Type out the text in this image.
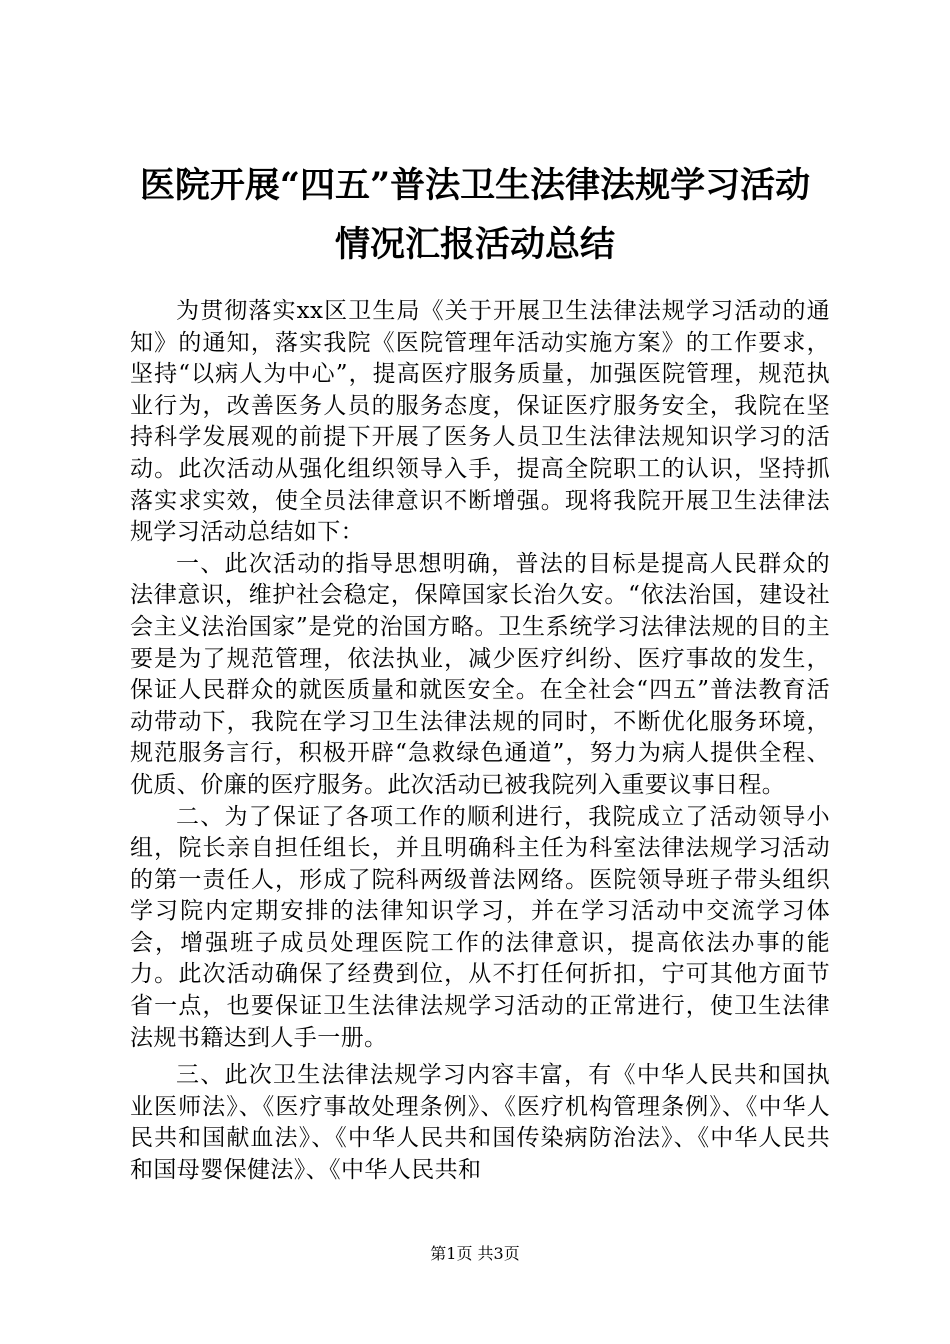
医院开展“四五”普法卫生法律法规学习活动
情况汇报活动总结

为贯彻落实xx区卫生局《关于开展卫生法律法规学习活动的通知》的通知，落实我院《医院管理年活动实施方案》的工作要求，坚持“以病人为中心”，提高医疗服务质量，加强医院管理，规范执业行为，改善医务人员的服务态度，保证医疗服务安全，我院在坚持科学发展观的前提下开展了医务人员卫生法律法规知识学习的活动。此次活动从强化组织领导入手，提高全院职工的认识，坚持抓落实求实效，使全员法律意识不断增强。现将我院开展卫生法律法规学习活动总结如下：

一、此次活动的指导思想明确，普法的目标是提高人民群众的法律意识，维护社会稳定，保障国家长治久安。“依法治国，建设社会主义法治国家”是党的治国方略。卫生系统学习法律法规的目的主要是为了规范管理，依法执业，减少医疗纠纷、医疗事故的发生，保证人民群众的就医质量和就医安全。在全社会“四五”普法教育活动带动下，我院在学习卫生法律法规的同时，不断优化服务环境，规范服务言行，积极开辟“急救绿色通道”，努力为病人提供全程、优质、价廉的医疗服务。此次活动已被我院列入重要议事日程。

二、为了保证了各项工作的顺利进行，我院成立了活动领导小组，院长亲自担任组长，并且明确科主任为科室法律法规学习活动的第一责任人，形成了院科两级普法网络。医院领导班子带头组织学习院内定期安排的法律知识学习，并在学习活动中交流学习体会，增强班子成员处理医院工作的法律意识，提高依法办事的能力。此次活动确保了经费到位，从不打任何折扣，宁可其他方面节省一点，也要保证卫生法律法规学习活动的正常进行，使卫生法律法规书籍达到人手一册。

三、此次卫生法律法规学习内容丰富，有《中华人民共和国执业医师法》、《医疗事故处理条例》、《医疗机构管理条例》、《中华人民共和国献血法》、《中华人民共和国传染病防治法》、《中华人民共和国母婴保健法》、《中华人民共和

第1页 共3页
